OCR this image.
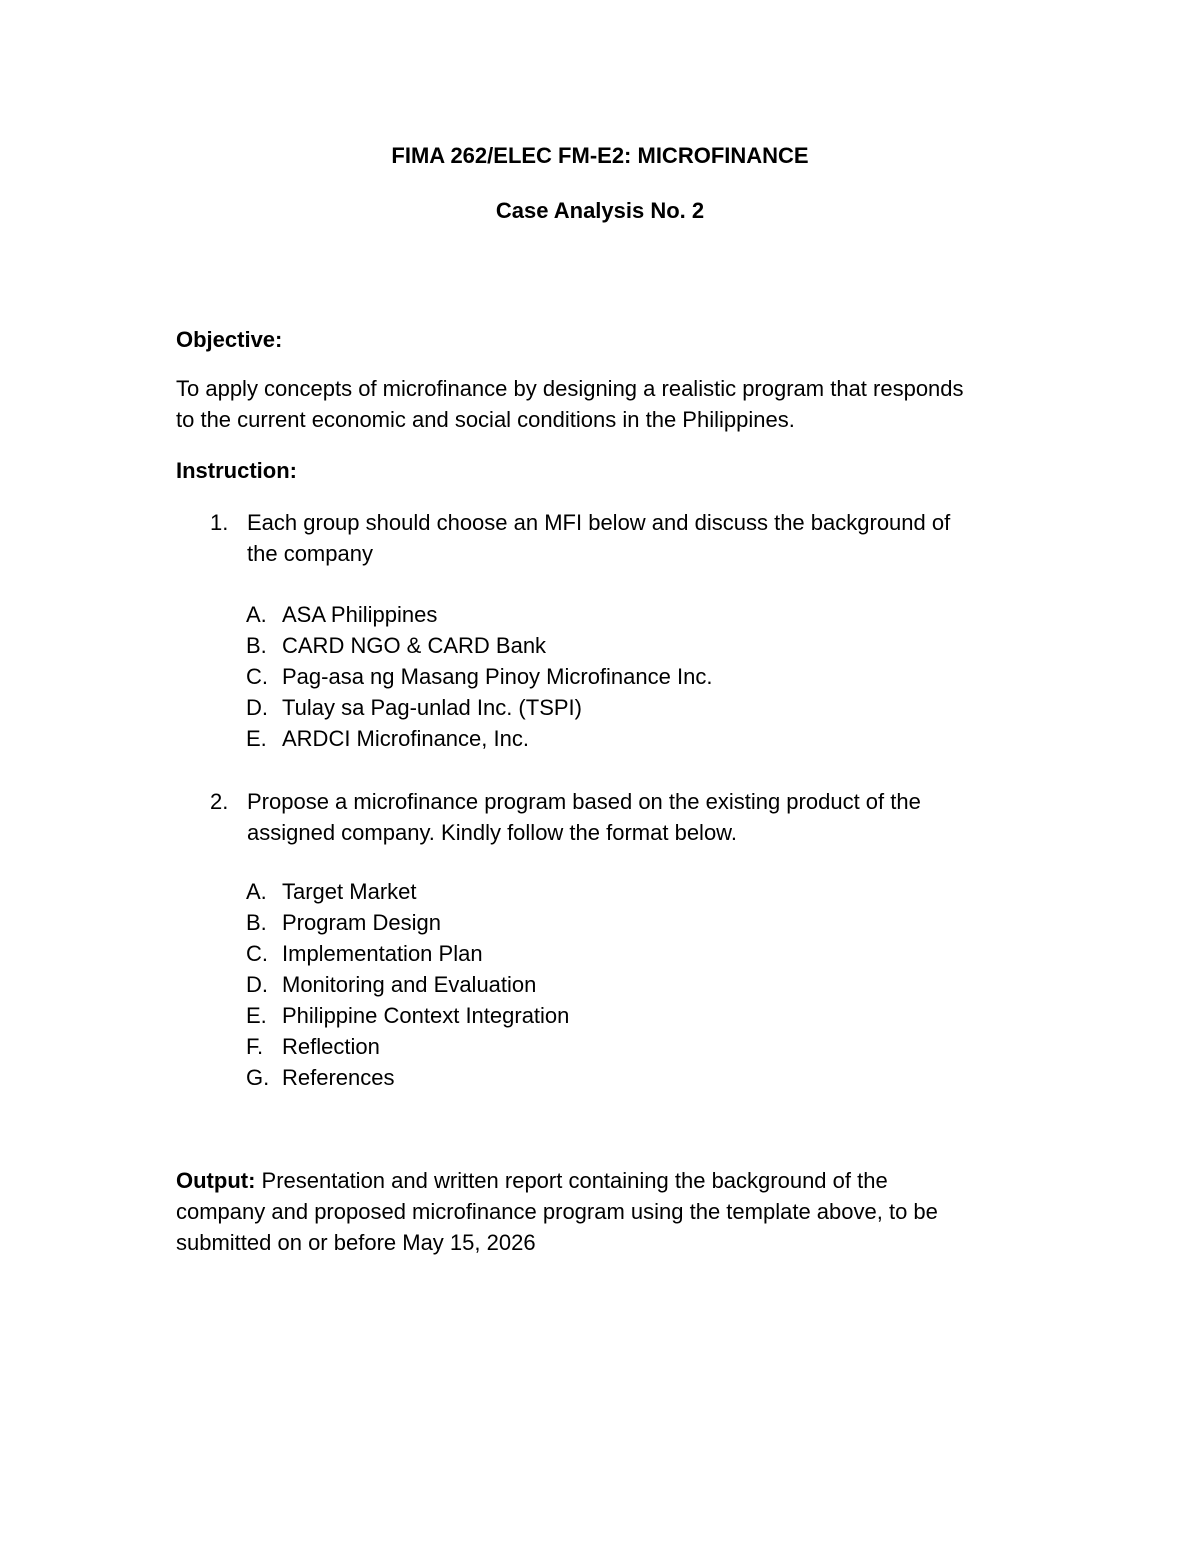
FIMA 262/ELEC FM-E2: MICROFINANCE
Case Analysis No. 2
Objective:
To apply concepts of microfinance by designing a realistic program that responds
to the current economic and social conditions in the Philippines.
Instruction:
1. Each group should choose an MFI below and discuss the background of
the company
A. ASA Philippines
B. CARD NGO & CARD Bank
C. Pag-asa ng Masang Pinoy Microfinance Inc.
D. Tulay sa Pag-unlad Inc. (TSPI)
E. ARDCI Microfinance, Inc.
2. Propose a microfinance program based on the existing product of the
assigned company. Kindly follow the format below.
A. Target Market
B. Program Design
C. Implementation Plan
D. Monitoring and Evaluation
E. Philippine Context Integration
F. Reflection
G. References
Output: Presentation and written report containing the background of the
company and proposed microfinance program using the template above, to be
submitted on or before May 15, 2026
